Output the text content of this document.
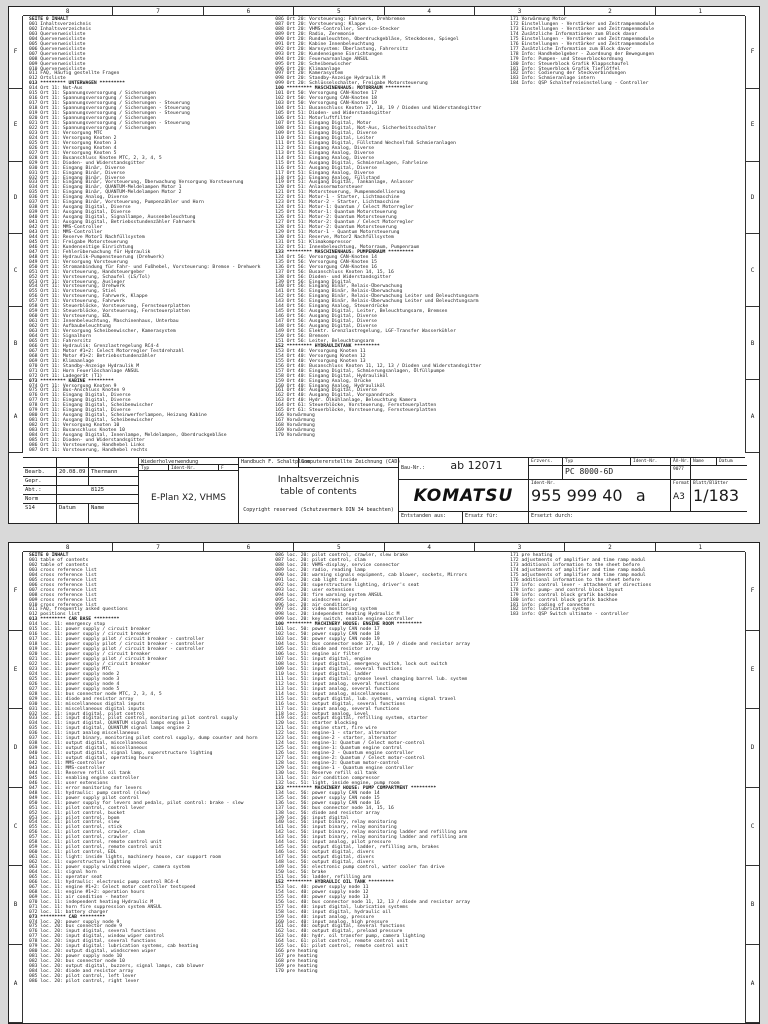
8	7	6	5	4	3	2	1
F
E
D
C
B
A
F
E
D
C
B
A
SEITE 0 INHALT
001 Inhaltsverzeichnis
002 Inhaltsverzeichnis
003 Querverweisliste
004 Querverweisliste
005 Querverweisliste
006 Querverweisliste
007 Querverweisliste
008 Querverweisliste
009 Querverweisliste
010 Querverweisliste
011 FAQ, Häufig gestellte Fragen
012 Ortsliste
013 ********* UNTERWAGEN *********
014 Ort 11: Not-Aus
015 Ort 11: Spannungsversorgung / Sicherungen
016 Ort 11: Spannungsversorgung / Sicherungen
017 Ort 11: Spannungsversorgung / Sicherungen - Steuerung
018 Ort 11: Spannungsversorgung / Sicherungen - Steuerung
019 Ort 11: Spannungsversorgung / Sicherungen - Steuerung
020 Ort 11: Spannungsversorgung / Sicherungen
021 Ort 11: Spannungsversorgung / Sicherungen - Steuerung
022 Ort 11: Spannungsversorgung / Sicherungen
023 Ort 11: Versorgung MTC
024 Ort 11: Versorgung Knoten 2
025 Ort 11: Versorgung Knoten 3
026 Ort 11: Versorgung Knoten 4
027 Ort 11: Versorgung Knoten 5
028 Ort 11: Busanschluss Knoten MTC, 2, 3, 4, 5
029 Ort 11: Dioden- und Widerstandsgitter
030 Ort 11: Eingang Binär, Diverse
031 Ort 11: Eingang Binär, Diverse
032 Ort 11: Eingang Binär, Diverse
033 Ort 11: Eingang Binär, Vorsteuerung, Überwachung Versorgung Vorsteuerung
034 Ort 11: Eingang Binär, QUANTUM-Meldelampen Motor 1
035 Ort 11: Eingang Binär, QUANTUM-Meldelampen Motor 2
036 Ort 11: Eingang Analog, Diverse
037 Ort 11: Eingang Binär, Vorsteuerung, Pumpenzähler und Horn
038 Ort 11: Ausgang Digital, Diverse
039 Ort 11: Ausgang Digital, Diverse
040 Ort 11: Ausgang Digital, Signallampe, Aussenbeleuchtung
041 Ort 11: Ausgang Digital, Betriebsstundenzähler Fahrwerk
042 Ort 11: MMS-Controller
043 Ort 11: MMS-Controller
044 Ort 11: Reserve Motor1 Nachfüllsystem
045 Ort 11: Freigabe Motorsteuerung
046 Ort 11: Kundenseitige Einrichtung
047 Ort 11: Fehlerüberwachung für Hydraulik
048 Ort 11: Hydraulik-Pumpensteuerung (Drehwerk)
049 Ort 11: Versorgung Vorsteuerung
050 Ort 11: Stromanbindung für Fahr- und Fußhebel, Vorsteuerung: Bremse - Drehwerk
051 Ort 11: Vorsteuerung, Handsteuergeber
052 Ort 11: Vorsteuerung, Schaufel (LS/Tol)
053 Ort 11: Vorsteuerung, Ausleger
054 Ort 11: Vorsteuerung, Drehwerk
055 Ort 11: Vorsteuerung, Stiel
056 Ort 11: Vorsteuerung, Fahrwerk, Klappe
057 Ort 11: Vorsteuerung, Fahrwerk
058 Ort 11: Steuerblöcke, Vorsteuerung, Fernsteuerplatten
059 Ort 11: Steuerblöcke, Vorsteuerung, Fernsteuerplatten
060 Ort 11: Vorsteuerung, EDL
061 Ort 11: Innenbeleuchtung, Maschinenhaus, Unterbau
062 Ort 11: Aufbaubeleuchtung
063 Ort 11: Versorgung Scheibenwischer, Kamerasystem
064 Ort 11: Signalhorn
065 Ort 11: Fahrersitz
066 Ort 11: Hydraulik: Grenzlastregelung RC4-4
067 Ort 11: Motor #1+2: Celect Motorregler Testdrehzahl
068 Ort 11: Motor #1+2: Betriebsstundenzähler
069 Ort 11: Klimaanlage
070 Ort 11: Standby-Anzeige Hydraulik M
071 Ort 11: Horn Feuerlöschanlage ANSUL
072 Ort 11: Ladegerät (T1)
073 ********* KABINE *********
074 Ort 11: Versorgung Knoten 9
075 Ort 11: Bus-Anschluss Knoten 9
076 Ort 11: Eingang Digital, Diverse
077 Ort 11: Eingang Digital, Diverse
078 Ort 11: Eingang Digital, Scheibenwischer
079 Ort 11: Eingang Digital, Diverse
080 Ort 11: Ausgang Digital, Scheinwerferlampen, Heizung Kabine
081 Ort 11: Ausgang Digital, Scheibenwischer
082 Ort 11: Versorgung Knoten 10
083 Ort 11: Busanschluss Knoten 10
084 Ort 11: Ausgang Digital, Innenlampe, Meldelampen, Oberdruckgebläse
085 Ort 11: Dioden- und Widerstandsgitter
086 Ort 11: Vorsteuerung, Handhebel Links
087 Ort 11: Vorsteuerung, Handhebel rechts
086 Ort 20: Vorsteuerung: Fahrwerk, Drehbremse
087 Ort 20: Vorsteuerung: Klappe
088 Ort 20: VHMS-Controller, Service-Stecker
089 Ort 20: Radio, Zeremonie
090 Ort 20: Rundumleuchten, Oberdruckgebläse, Steckdosen, Spiegel
091 Ort 20: Kabine Innenbeleuchtung
092 Ort 20: Warnsystem: Überlastung, Fahrersitz
093 Ort 20: Kundeneigene Einrichtungen
094 Ort 20: Feuerwarnanlage ANSUL
095 Ort 20: Scheibenwischer
096 Ort 20: Klimaanlage
097 Ort 20: Kamerasystem
098 Ort 20: Standby-Anzeige Hydraulik M
099 Ort 20: Schlüsselschalter, Freigabe Motorsteuerung
100 ********* MASCHINENHAUS: MOTORRAUM *********
101 Ort 50: Versorgung CAN-Knoten 17
102 Ort 50: Versorgung CAN-Knoten 18
103 Ort 50: Versorgung CAN-Knoten 19
104 Ort 51: Busanschluss Knoten 17, 18, 19 / Dioden und Widerstandsgitter
105 Ort 51: Dioden- und Widerstandsgitter
106 Ort 51: Motorluftfilter
107 Ort 51: Eingang Digital, Motor
108 Ort 51: Eingang Digital, Not-Aus, Sicherheitsschalter
109 Ort 51: Eingang Digital, Diverse
110 Ort 51: Eingang Digital, Leiter
111 Ort 51: Eingang Digital, Füllstand Wechselfaß Schmieranlagen
112 Ort 51: Eingang Analog, Diverse
113 Ort 51: Eingang Analog, Diverse
114 Ort 51: Eingang Analog, Diverse
115 Ort 51: Ausgang Digital, Schmieranlagen, Fahrleine
116 Ort 51: Ausgang Digital, Diverse
117 Ort 51: Eingang Analog, Diverse
118 Ort 51: Eingang Analog, Füllstand
119 Ort 51: Ausgang Digital, Tankanlage, Anlasser
120 Ort 51: Anlassermotorsteuer
121 Ort 51: Motorsteuerung, Pumpenmodellierung
122 Ort 51: Motor-1 - Starter, Lichtmaschine
123 Ort 51: Motor-2 - Starter, Lichtmaschine
124 Ort 51: Motor-1: Quantum / Celect Motorregler
125 Ort 51: Motor-1: Quantum Motorsteuerung
126 Ort 51: Motor-2: Quantum Motorsteuerung
127 Ort 51: Motor-2: Quantum / Celect Motorregler
128 Ort 51: Motor-2: Quantum Motorsteuerung
129 Ort 51: Motor-1 - Quantum Motorsteuerung
130 Ort 51: Reserve, Motor2 Nachfüllsystem
131 Ort 51: Klimakompressor
132 Ort 51: Innenbeleuchtung, Motorraum, Pumpenraum
133 ********* MASCHINENHAUS: PUMPENRAUM *********
134 Ort 56: Versorgung CAN-Knoten 14
135 Ort 56: Versorgung CAN-Knoten 15
136 Ort 56: Versorgung CAN-Knoten 16
137 Ort 56: Busanschluss Knoten 14, 15, 16
138 Ort 56: Dioden- und Widerstandsgitter
139 Ort 56: Eingang Digital
140 Ort 56: Eingang Binär, Relais-Überwachung
141 Ort 56: Eingang Binär, Relais-Überwachung
142 Ort 56: Eingang Binär, Relais-Überwachung Leiter und Beleuchtungsarm
143 Ort 56: Eingang Binär, Relais-Überwachung Leiter und Beleuchtungsarm
144 Ort 56: Eingang Analog, Steuerdrücke
145 Ort 56: Ausgang Digital, Leiter, Beleuchtungsarm, Bremsen
146 Ort 56: Ausgang Digital, Diverse
147 Ort 56: Ausgang Digital, Diverse
148 Ort 56: Ausgang Digital, Diverse
149 Ort 56: Elektr. Grenzlastregelung, LGF-Transfer Wasserkühler
150 Ort 56: Bremsen
151 Ort 56: Leiter, Beleuchtungsarm
152 ********* HYDRAULIKTANK *********
153 Ort 40: Versorgung Knoten 11
154 Ort 40: Versorgung Knoten 12
155 Ort 40: Versorgung Knoten 13
156 Ort 40: Busanschluss Knoten 11, 12, 13 / Dioden und Widerstandsgitter
157 Ort 40: Eingang Digital, Schmierungsanlagen, Ölfüllpumpe
158 Ort 40: Eingang Digital, Hydrauliköl
159 Ort 40: Eingang Analog, Drücke
160 Ort 40: Eingang Analog, Hydrauliköl
161 Ort 40: Ausgang Digital, Diverse
162 Ort 40: Ausgang Digital, Vorspanndruck
163 Ort 40: Hydr. Ölkühlanlage, Beleuchtung Kamera
164 Ort 61: Steuerblöcke, Vorsteuerung, Fernsteuerplatten
165 Ort 61: Steuerblöcke, Vorsteuerung, Fernsteuerplatten
166 Vorwärmung
167 Vorwärmung
168 Vorwärmung
169 Vorwärmung
170 Vorwärmung
171 Vorwärmung Motor
172 Einstellungen - Verstärker und Zeitrampenmodule
173 Einstellungen - Verstärker und Zeitrampenmodule
174 Zusätzliche Informationen zum Block davor
175 Einstellungen - Verstärker und Zeitrampenmodule
176 Einstellungen - Verstärker und Zeitrampenmodule
177 Zusätzliche Information zum Block davor
178 Info: Handhebelgeber - Zuordnung der Bewegungen
179 Info: Pumpen- und Steuerblockordnung
180 Info: Steuerblock Grafik Klappschaufel
181 Info: Steuerblock Grafik Tieflöffel
182 Info: Codierung der Steckverbindungen
183 Info: Schmieranlage intern
184 Info: QSP Schaltefreieinstellung - Controller
Bearb.	20.08.09	Thermann
Gepr.
Abt.:	8125
Norm
S14	Datum	Name
Wiederholverwendung
Typ	Ident-Nr.	F
E-Plan X2, VHMS
Handbuch F. Schaltpläne
Computererstellte Zeichnung (CAD)
Inhaltsverzeichnis
table of contents
Copyright reserved (Schutzvermerk DIN 34 beachten)
Bau-Nr.: ab 12071
KOMATSU
Entstanden aus:	Ersatz für:
Erzvers.	Typ	Ident-Nr.	Äñ-Nr. Name	Datum
PC 8000-6D	9077
Ident-Nr.
955 999 40 a
Format
A3
Blatt/Blätter
1/183
Ersetzt durch:
8	7	6	5	4	3	2	1
F
E
D
C
B
A
F
E
D
C
B
A
SEITE 0 INHALT
001 table of contents
002 table of contents
003 cross reference list
004 cross reference list
005 cross reference list
006 cross reference list
007 cross reference list
008 cross reference list
009 cross reference list
010 cross reference list
011 FAQ, frequently asked questions
012 positions list
013 ********* CAR BASE *********
014 loc. 11: emergency stop
015 loc. 11: power supply / circuit breaker
016 loc. 11: power supply / circuit breaker
017 loc. 11: power supply pilot / circuit breaker - controller
018 loc. 11: power supply pilot / circuit breaker - controller
019 loc. 11: power supply pilot / circuit breaker - controller
020 loc. 11: power supply / circuit breaker
021 loc. 11: power supply pilot / circuit breaker
022 loc. 11: power supply / circuit breaker
023 loc. 11: power supply MTC
024 loc. 11: power supply node 2
025 loc. 11: power supply node 3
026 loc. 11: power supply node 4
027 loc. 11: power supply node 5
028 loc. 11: bus connector node MTC, 2, 3, 4, 5
029 loc. 11: diode and resistor array
030 loc. 11: miscellaneous digital inputs
031 loc. 11: miscellaneous digital inputs
032 loc. 11: input digital, pilot control
033 loc. 11: input digital, pilot control, monitoring pilot control supply
034 loc. 11: input digital, QUANTUM signal lamps engine 1
035 loc. 11: input digital, QUANTUM signal lamps engine 2
036 loc. 11: input analog miscellaneous
037 loc. 11: input binary, monitoring pilot control supply, dump counter and horn
038 loc. 11: output digital, miscellaneous
039 loc. 11: output digital, miscellaneous
040 loc. 11: output digital, signal lamp, superstructure lighting
041 loc. 11: output digital, operating hours
042 loc. 11: MMS-controller
043 loc. 11: MMS-controller
044 loc. 11: Reserve refill oil tank
045 loc. 11: enabling engine controller
046 loc. 11: user extensions
047 loc. 11: error monitoring for levers
048 loc. 11: hydraulic: pump control (slew)
049 loc. 11: power supply pilot control
050 loc. 11: power supply for levers and pedals, pilot control: brake - slew
051 loc. 11: pilot control, control lever
052 loc. 11: pilot control, bucket
053 loc. 11: pilot control, boom
054 loc. 11: pilot control, slew
055 loc. 11: pilot control, stick
056 loc. 11: pilot control, crawler, clam
057 loc. 11: pilot control, crawler
058 loc. 11: pilot control, remote control unit
059 loc. 11: pilot control, remote control unit
060 loc. 11: pilot control, EDL
061 loc. 11: light: inside lights, machinery house, car support room
062 loc. 11: superstructure lighting
063 loc. 11: power supply windscreen wiper, camera system
064 loc. 11: signal horn
065 loc. 11: operator seat
066 loc. 11: hydraulic: electronic pump control RC4-4
067 loc. 11: engine #1+2: Celect motor controller testspeed
068 loc. 11: engine #1+2: operation hours
069 loc. 11: air condition - heater
070 loc. 11: independent heating Hydraulic M
071 loc. 11: horn fire suppression system ANSUL
072 loc. 11: battery charger
073 ********* CAB *********
074 loc. 20: power supply node 9
075 loc. 20: bus connector node 9
076 loc. 20: input digital, several functions
077 loc. 20: input digital, window wiper control
078 loc. 20: input digital, several functions
079 loc. 20: input digital: lubrication systems, cab heating
080 loc. 20: output digital, windscreen wiper
081 loc. 20: power supply node 10
082 loc. 20: bus connector node 10
083 loc. 20: output digital, buzzers, signal lamps, cab blower
084 loc. 20: diode and resistor array
085 loc. 20: pilot control, left lever
086 loc. 20: pilot control, right lever
086 loc. 20: pilot control, crawler, slew brake
087 loc. 20: pilot control, clam
088 loc. 20: VHMS-display, service connector
089 loc. 20: radio, reading lamp
090 loc. 20: warning signals equipment, cab blower, sockets, Mirrors
091 loc. 20: cab light inside
092 loc. 20: superstructure lighting, driver's seat
093 loc. 20: user extensions
094 loc. 20: fire warning system ANSUL
095 loc. 20: windscreen wiper
096 loc. 20: air condition
097 loc. 20: video monitoring system
098 loc. 20: independent heating Hydraulic M
099 loc. 20: key switch, enable engine controller
100 ********* MACHINERY HOUSE: ENGINE ROOM *********
101 loc. 50: power supply CAN node 17
102 loc. 50: power supply CAN node 18
103 loc. 50: power supply CAN node 19
104 loc. 51: bus connector node 17, 18, 19 / diode and resistor array
105 loc. 51: diode and resistor array
106 loc. 51: engine air filter
107 loc. 51: input digital, engine
108 loc. 51: input digital, emergency switch, lock out switch
109 loc. 51: input digital, several functions
110 loc. 51: input digital, ladder
111 loc. 51: input digital: grease level changing barrel lub. system
112 loc. 51: input analog, several functions
113 loc. 51: input analog, several functions
114 loc. 51: input analog, miscellaneous
115 loc. 51: output digital, lub. systems, warning signal travel
116 loc. 51: output digital, several functions
117 loc. 51: input analog, several functions
118 loc. 51: output analog, Level
119 loc. 51: output digital, refilling system, starter
120 loc. 51: starter blocking
121 loc. 51: engine start, fire wire
122 loc. 51: engine-1 - starter, alternator
123 loc. 51: engine-2 - starter, alternator
124 loc. 51: engine-1: Quantum / Celect motor-control
125 loc. 51: engine-1: Quantum engine control
126 loc. 51: engine-2 - Quantum engine controller
127 loc. 51: engine-2: Quantum / Celect motor-control
128 loc. 51: engine-2: Quantum motor-control
129 loc. 51: engine-1 - Quantum engine controller
130 loc. 51: Reserve refill oil tank
131 loc. 51: air condition compressor
132 loc. 51: light, inside engine, pump room
133 ********* MACHINERY HOUSE: PUMP COMPARTMENT *********
134 loc. 56: power supply CAN node 14
135 loc. 56: power supply CAN node 15
136 loc. 56: power supply CAN node 16
137 loc. 56: bus connector node 14, 15, 16
138 loc. 56: diode and resistor array
139 loc. 56: input digital
140 loc. 56: input binary, relay monitoring
141 loc. 56: input binary, relay monitoring
142 loc. 56: input binary, relay monitoring ladder and refilling arm
143 loc. 56: input binary, relay monitoring ladder and refilling arm
144 loc. 56: input analog, pilot pressure
145 loc. 56: output digital, ladder, refilling arm, brakes
146 loc. 56: output digital, divers
147 loc. 56: output digital, divers
148 loc. 56: output digital, divers
149 loc. 56: electronic pump control, water cooler fan drive
150 loc. 56: brake
151 loc. 56: ladder, refilling arm
152 ********* HYDRAULIC OIL TANK *********
153 loc. 40: power supply node 11
154 loc. 40: power supply node 12
155 loc. 40: power supply node 13
156 loc. 40: bus connector node 11, 12, 13 / diode and resistor array
157 loc. 40: input digital, lubrication systems
158 loc. 40: input digital, hydraulic oil
159 loc. 40: input analog, pressure
160 loc. 40: input analog, high pressure
161 loc. 40: output digital, several functions
162 loc. 40: output digital, preload pressure
163 loc. 40: hydr. oil transfer pump, camera lighting
164 loc. 61: pilot control, remote control unit
165 loc. 61: pilot control, remote control unit
166 pre heating
167 pre heating
168 pre heating
169 pre heating
170 pre heating
171 pre heating
172 adjustments of amplifier and time ramp modul
173 additional information to the sheet before
174 adjustments of amplifier and time ramp modul
175 adjustments of amplifier and time ramp modul
176 additional information to the sheet before
177 info: control lever - attachment of directions
178 info: pump- and control block layout
179 info: control block grafik backhoe
180 info: control block grafik backhoe
181 info: coding of connectors
182 info: lubrication system
183 info: QSP Switch ultimate - controller
